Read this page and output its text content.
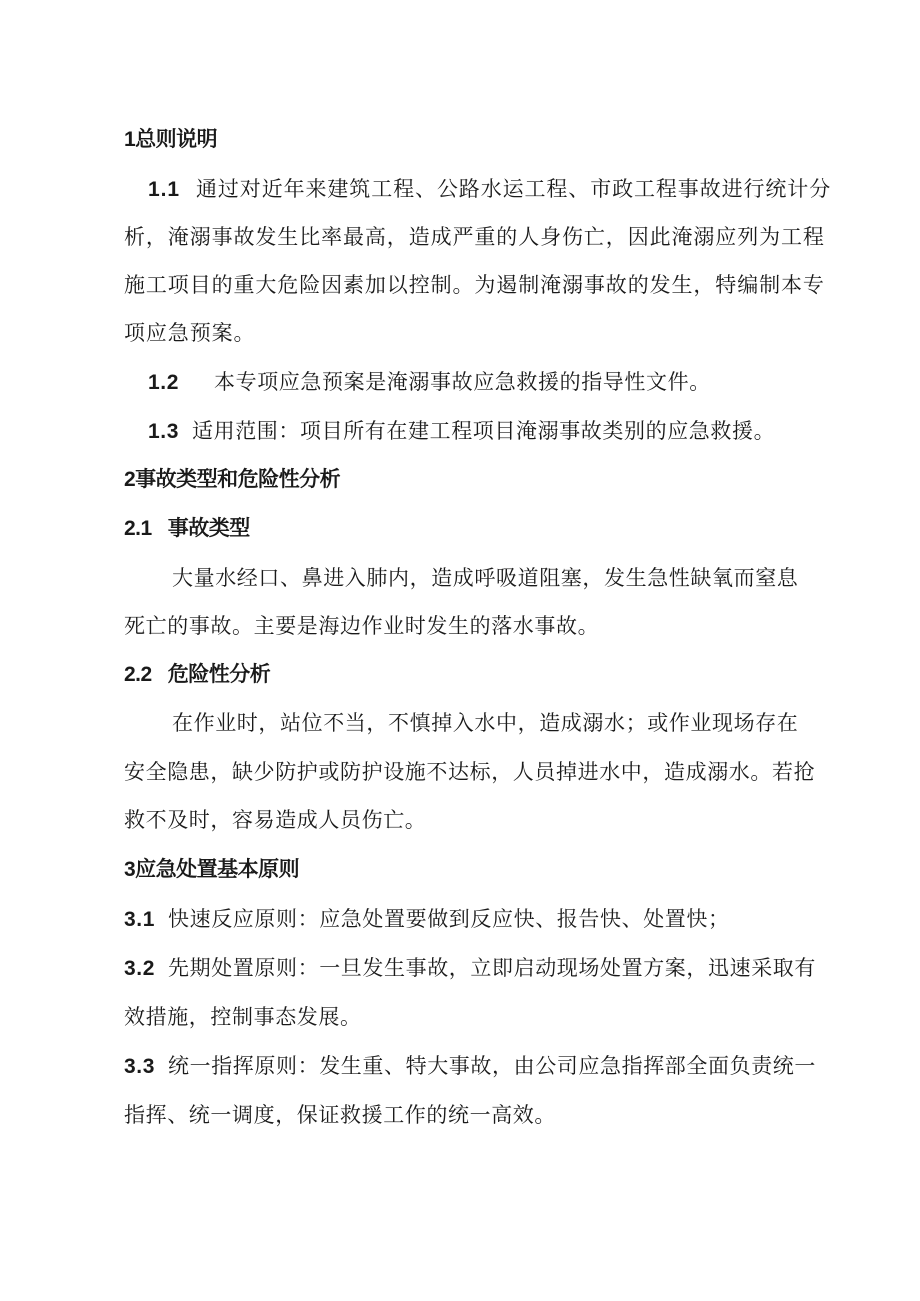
1总则说明
1.1 通过对近年来建筑工程、公路水运工程、市政工程事故进行统计分
析，淹溺事故发生比率最高，造成严重的人身伤亡，因此淹溺应列为工程
施工项目的重大危险因素加以控制。为遏制淹溺事故的发生，特编制本专
项应急预案。
1.2 本专项应急预案是淹溺事故应急救援的指导性文件。
1.3 适用范围：项目所有在建工程项目淹溺事故类别的应急救援。
2事故类型和危险性分析
2.1 事故类型
大量水经口、鼻进入肺内，造成呼吸道阻塞，发生急性缺氧而窒息
死亡的事故。主要是海边作业时发生的落水事故。
2.2 危险性分析
在作业时，站位不当，不慎掉入水中，造成溺水；或作业现场存在
安全隐患，缺少防护或防护设施不达标，人员掉进水中，造成溺水。若抢
救不及时，容易造成人员伤亡。
3应急处置基本原则
3.1 快速反应原则：应急处置要做到反应快、报告快、处置快；
3.2 先期处置原则：一旦发生事故，立即启动现场处置方案，迅速采取有
效措施，控制事态发展。
3.3 统一指挥原则：发生重、特大事故，由公司应急指挥部全面负责统一
指挥、统一调度，保证救援工作的统一高效。
